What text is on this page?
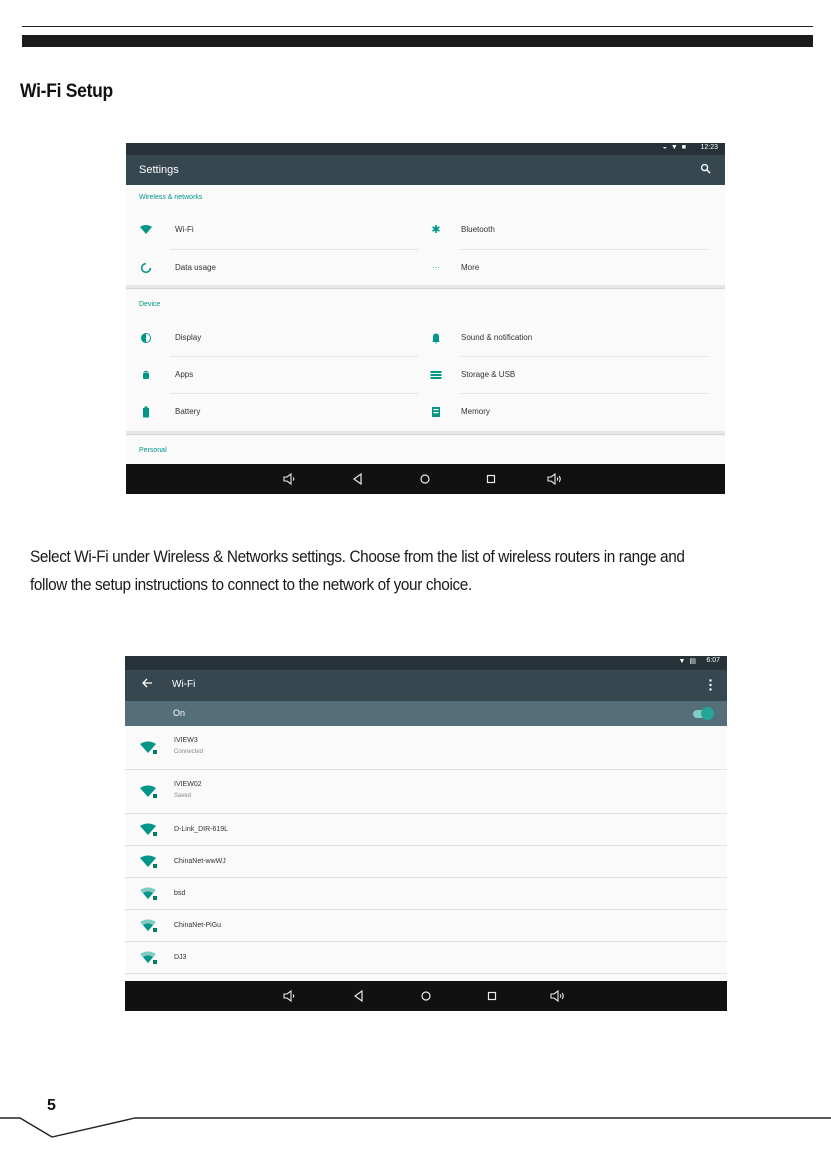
Wi-Fi Setup
◒ ▼ ■ 12:23
Settings
Wireless & networks
Wi-Fi	✱	Bluetooth
Data usage	···	More
Device
Display	Sound & notification
Apps	Storage & USB
Battery	Memory
Personal
Select Wi-Fi under Wireless & Networks settings. Choose from the list of wireless routers in range and
follow the setup instructions to connect to the network of your choice.
▼ ▤ 6:07
Wi-Fi
On
IVIEW3
Connected
IVIEW02
Saved
D-Link_DIR-619L
ChinaNet-wwWJ
bsd
ChinaNet-PiGu
DJ3
5
